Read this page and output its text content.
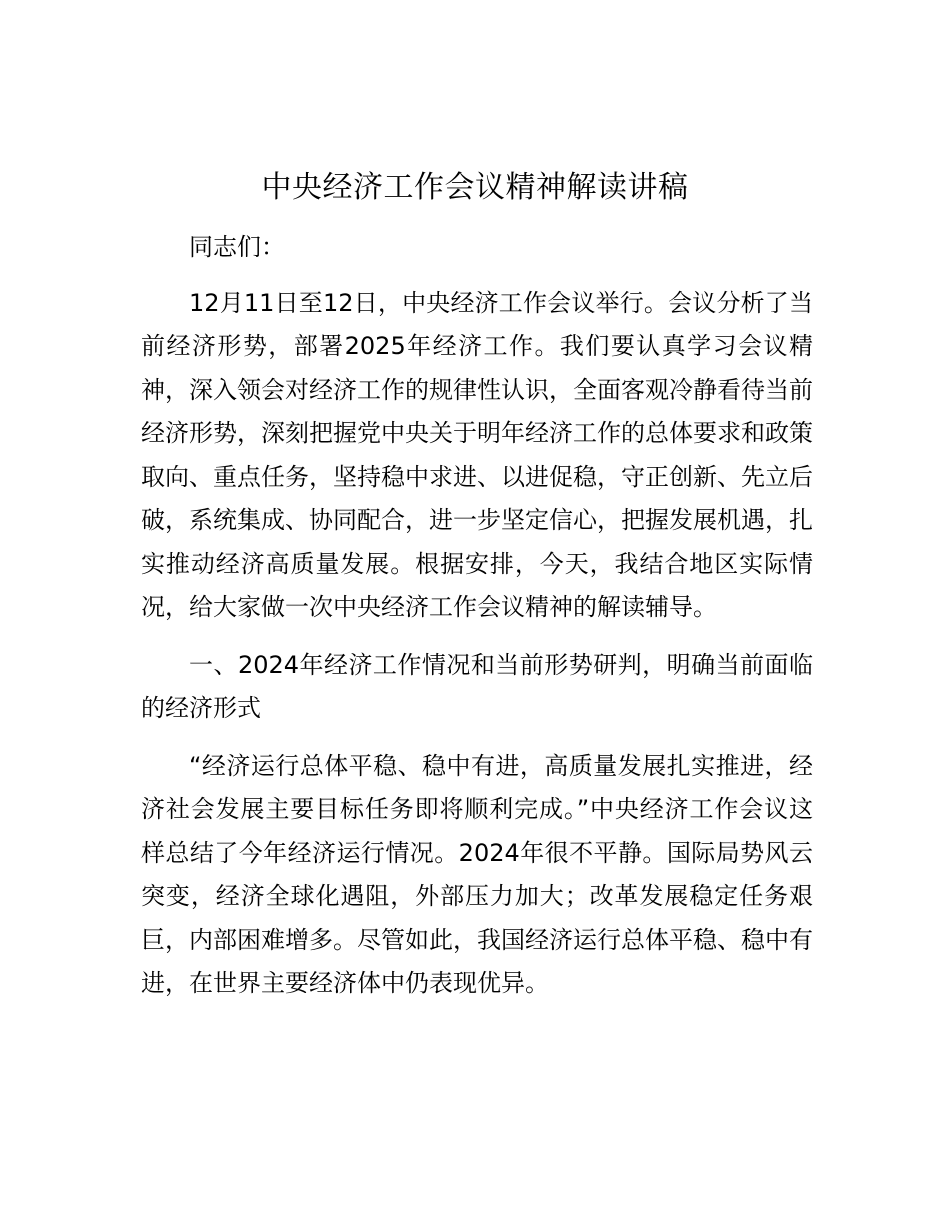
中央经济工作会议精神解读讲稿

同志们：

12月11日至12日，中央经济工作会议举行。会议分析了当前经济形势，部署2025年经济工作。我们要认真学习会议精神，深入领会对经济工作的规律性认识，全面客观冷静看待当前经济形势，深刻把握党中央关于明年经济工作的总体要求和政策取向、重点任务，坚持稳中求进、以进促稳，守正创新、先立后破，系统集成、协同配合，进一步坚定信心，把握发展机遇，扎实推动经济高质量发展。根据安排，今天，我结合地区实际情况，给大家做一次中央经济工作会议精神的解读辅导。

一、2024年经济工作情况和当前形势研判，明确当前面临的经济形式

“经济运行总体平稳、稳中有进，高质量发展扎实推进，经济社会发展主要目标任务即将顺利完成。”中央经济工作会议这样总结了今年经济运行情况。2024年很不平静。国际局势风云突变，经济全球化遇阻，外部压力加大；改革发展稳定任务艰巨，内部困难增多。尽管如此，我国经济运行总体平稳、稳中有进，在世界主要经济体中仍表现优异。
